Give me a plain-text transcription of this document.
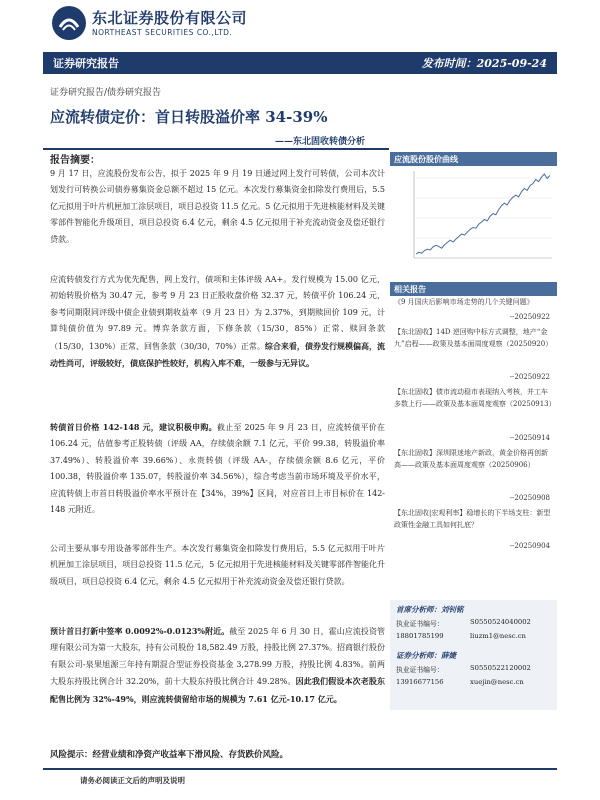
东北证券股份有限公司
NORTHEAST SECURITIES CO.,LTD.
证券研究报告	发布时间：2025-09-24
证券研究报告/债券研究报告
应流转债定价：首日转股溢价率 34-39%
——东北固收转债分析
报告摘要：
9 月 17 日，应流股份发布公告，拟于 2025 年 9 月 19 日通过网上发行可转债，公司本次计划发行可转换公司债券募集资金总额不超过 15 亿元。本次发行募集资金扣除发行费用后，5.5 亿元拟用于叶片机匣加工涂层项目，项目总投资 11.5 亿元。5 亿元拟用于先进核能材料及关键零部件智能化升级项目，项目总投资 6.4 亿元，剩余 4.5 亿元拟用于补充流动资金及偿还银行贷款。
应流转债发行方式为优先配售，网上发行，债项和主体评级 AA+。发行规模为 15.00 亿元，初始转股价格为 30.47 元，参考 9 月 23 日正股收盘价格 32.37 元，转债平价 106.24 元，参考同期限同评级中债企业债到期收益率（9 月 23 日）为 2.37%，到期赎回价 109 元，计算纯债价值为 97.89 元。博弈条款方面，下修条款（15/30，85%）正常、赎回条款（15/30，130%）正常、回售条款（30/30，70%）正常。综合来看，债券发行规模偏高，流动性尚可，评级较好，债底保护性较好，机构入库不难，一级参与无异议。
转债首日价格 142-148 元，建议积极申购。截止至 2025 年 9 月 23 日，应流转债平价在 106.24 元，估值参考正股转债（评级 AA，存续债余额 7.1 亿元，平价 99.38，转股溢价率 37.49%）、转股溢价率 39.66%）、永贵转债（评级 AA-，存续债余额 8.6 亿元，平价 100.38，转股溢价率 135.07，转股溢价率 34.56%），综合考虑当前市场环境及平价水平，应流转债上市首日转股溢价率水平预计在【34%，39%】区间，对应首日上市目标价在 142-148 元附近。
公司主要从事专用设备零部件生产。本次发行募集资金扣除发行费用后，5.5 亿元拟用于叶片机匣加工涂层项目，项目总投资 11.5 亿元，5 亿元拟用于先进核能材料及关键零部件智能化升级项目，项目总投资 6.4 亿元，剩余 4.5 亿元拟用于补充流动资金及偿还银行贷款。
预计首日打新中签率 0.0092%-0.0123%附近。截至 2025 年 6 月 30 日，霍山应流投资管理有限公司为第一大股东，持有公司股份 18,582.49 万股，持股比例 27.37%。招商银行股份有限公司-泉果旭源三年持有期混合型证券投资基金 3,278.99 万股，持股比例 4.83%。前两大股东持股比例合计 32.20%，前十大股东持股比例合计 49.28%。因此我们假设本次老股东配售比例为 32%-49%，则应流转债留给市场的规模为 7.61 亿元-10.17 亿元。
风险提示：经营业绩和净资产收益率下滑风险、存货跌价风险。
请务必阅读正文后的声明及说明
应流股份股价曲线
相关报告
《9 月国庆后影响市场走势的几个关键问题》
--20250922
【东北固收】14D 逆回购中标方式调整，地产“金九”启程——政策及基本面周度观察（20250920）
--20250922
【东北固收】债市流动稳市表现纳入考核，并工车多数上行——政策及基本面周度观察（20250913）
--20250914
【东北固收】深圳限迷地产新政，黄金价格再创新高——政策及基本面周度观察（20250906）
--20250908
【东北固收|宏观利率】稳增长的下半场支柱：新型政策性金融工具如何扎底？
--20250904
首席分析师：刘钊铭
执业证书编号：	S0550524040002
18801785199	liuzm1@nesc.cn
证券分析师：薛婕
执业证书编号：	S0550522120002
13916677156	xuejin@nesc.cn
